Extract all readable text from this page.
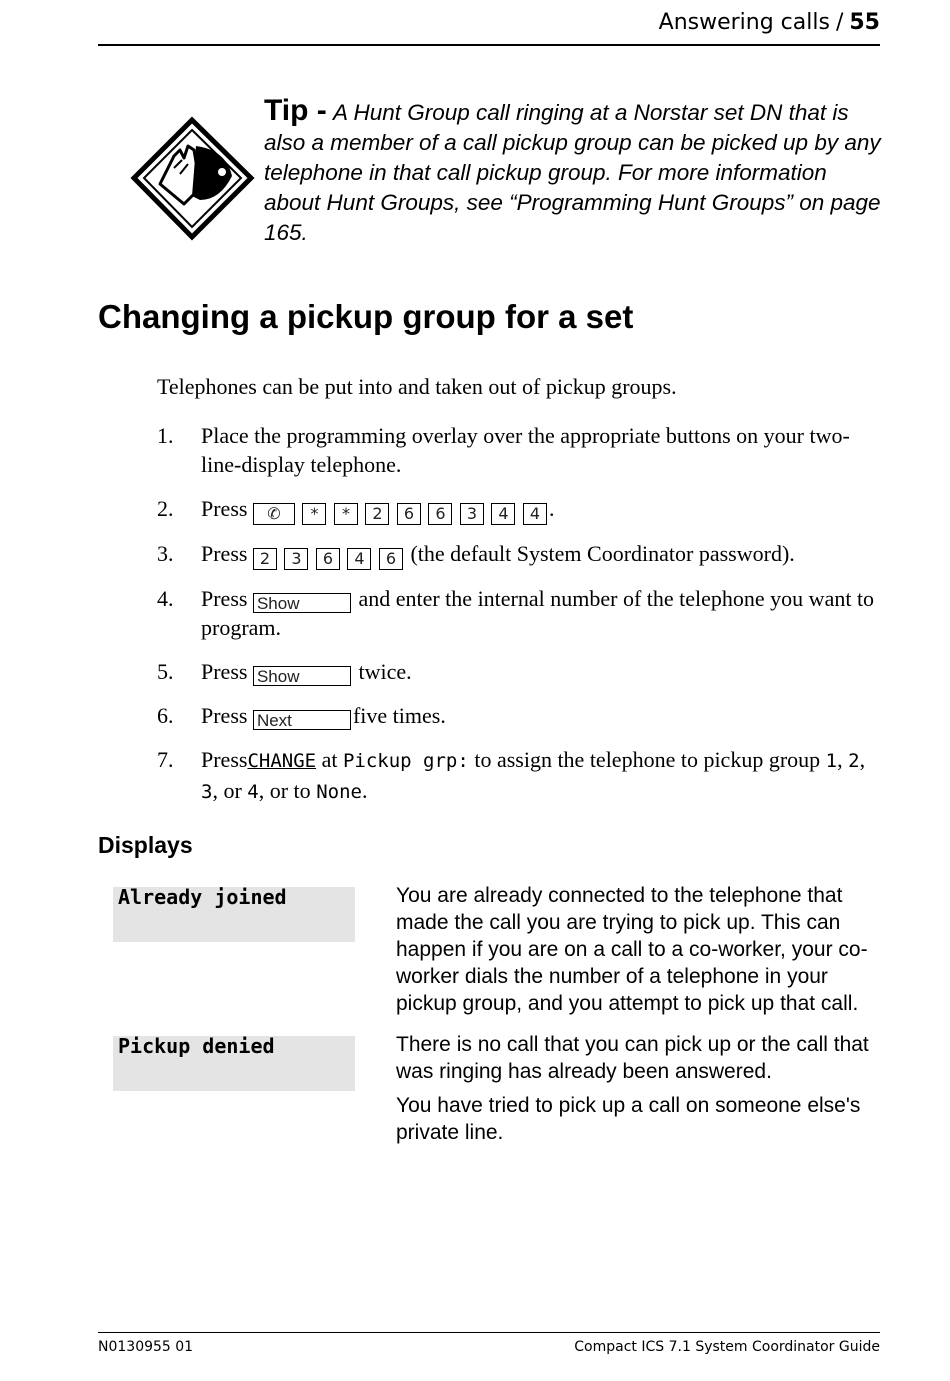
Answering calls / 55
Tip - A Hunt Group call ringing at a Norstar set DN that is also a member of a call pickup group can be picked up by any telephone in that call pickup group. For more information about Hunt Groups, see “Programming Hunt Groups” on page 165.
Changing a pickup group for a set
Telephones can be put into and taken out of pickup groups.
1. Place the programming overlay over the appropriate buttons on your two-line-display telephone.
2. Press ✆ * * 2 6 6 3 4 4 .
3. Press 2 3 6 4 6 (the default System Coordinator password).
4. Press Show	and enter the internal number of the telephone you want to program.
5. Press Show	twice.
6. Press Next	five times.
7. PressCHANGE at Pickup grp: to assign the telephone to pickup group 1, 2, 3, or 4, or to None.
Displays
Already joined	You are already connected to the telephone that made the call you are trying to pick up. This can happen if you are on a call to a co-worker, your co-worker dials the number of a telephone in your pickup group, and you attempt to pick up that call.

Pickup denied	There is no call that you can pick up or the call that was ringing has already been answered.

You have tried to pick up a call on someone else's private line.

N0130955 01	Compact ICS 7.1 System Coordinator Guide
